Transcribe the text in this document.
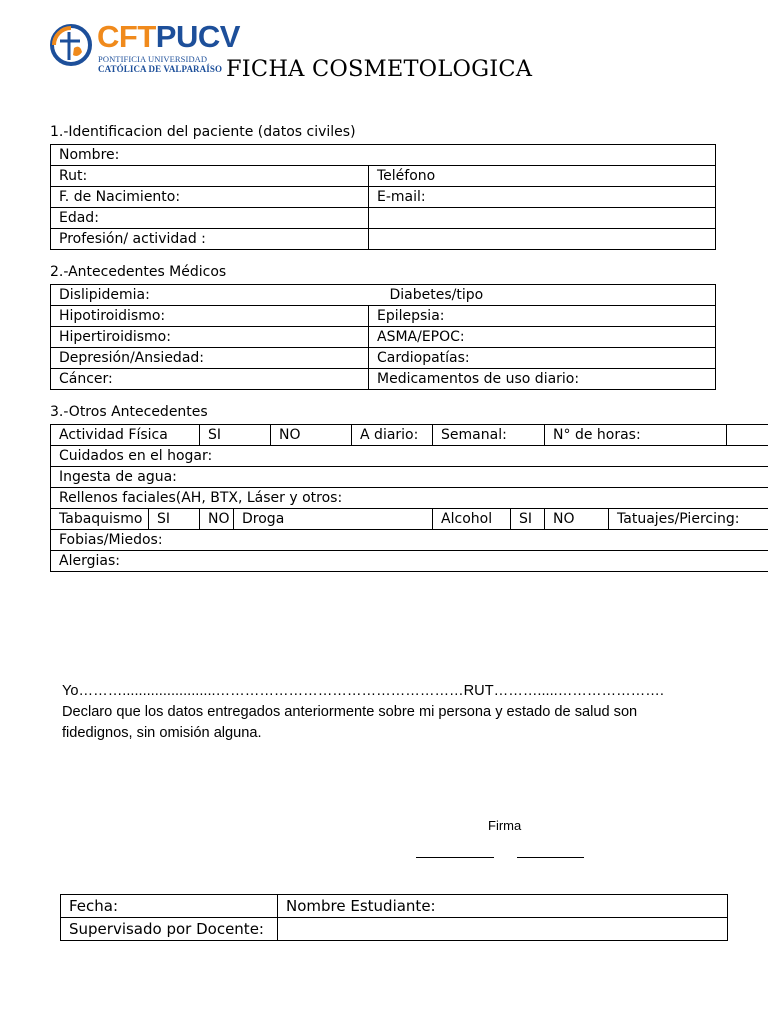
CFTPUCV
PONTIFICIA UNIVERSIDAD
CATÓLICA DE VALPARAÍSO FICHA COSMETOLOGICA
1.-Identificacion del paciente (datos civiles)
Nombre:	
Rut:	Teléfono
F. de Nacimiento:	E-mail:
Edad:	
Profesión/ actividad :	
2.-Antecedentes Médicos
Dislipidemia: Diabetes/tipo	

Hipotiroidismo:	Epilepsia:
Hipertiroidismo:	ASMA/EPOC:
Depresión/Ansiedad:	Cardiopatías:
Cáncer:	Medicamentos de uso diario:
3.-Otros Antecedentes
Actividad Física		SI		NO	A diario:	Semanal:		N° de horas:		
Cuidados en el hogar:										
Ingesta de agua:										
Rellenos faciales(AH, BTX, Láser y otros:										
Tabaquismo	SI	NO	Droga			Alcohol	SI	NO	Tatuajes/Piercing:	
Fobias/Miedos:										
Alergias:										

Yo……….......................……………………………………………RUT……….....………………….

Declaro que los datos entregados anteriormente sobre mi persona y estado de salud son

fidedignos, sin omisión alguna.

Firma
Fecha:	Nombre Estudiante:
Supervisado por Docente:	
